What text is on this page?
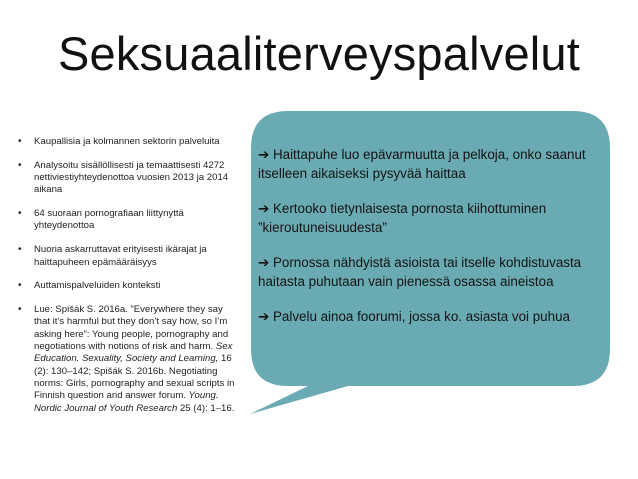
Seksuaaliterveyspalvelut
• Kaupallisia ja kolmannen sektorin palveluita
• Analysoitu sisällöllisesti ja temaattisesti 4272 nettiviestiyhteydenottoa vuosien 2013 ja 2014 aikana
• 64 suoraan pornografiaan liittynyttä yhteydenottoa
• Nuoria askarruttavat erityisesti ikärajat ja haittapuheen epämääräisyys
• Auttamispalveluiden konteksti
• Lue: Spišák S. 2016a. ”Everywhere they say that it’s harmful but they don’t say how, so I’m asking here”: Young people, pornography and negotiations with notions of risk and harm. Sex Education. Sexuality, Society and Learning, 16 (2): 130–142; Spišák S. 2016b. Negotiating norms: Girls, pornography and sexual scripts in Finnish question and answer forum. Young. Nordic Journal of Youth Research 25 (4): 1–16.

➔ Haittapuhe luo epävarmuutta ja pelkoja, onko saanut itselleen aikaiseksi pysyvää haittaa

➔ Kertooko tietynlaisesta pornosta kiihottuminen ”kieroutuneisuudesta”

➔ Pornossa nähdyistä asioista tai itselle kohdistuvasta haitasta puhutaan vain pienessä osassa aineistoa

➔ Palvelu ainoa foorumi, jossa ko. asiasta voi puhua
